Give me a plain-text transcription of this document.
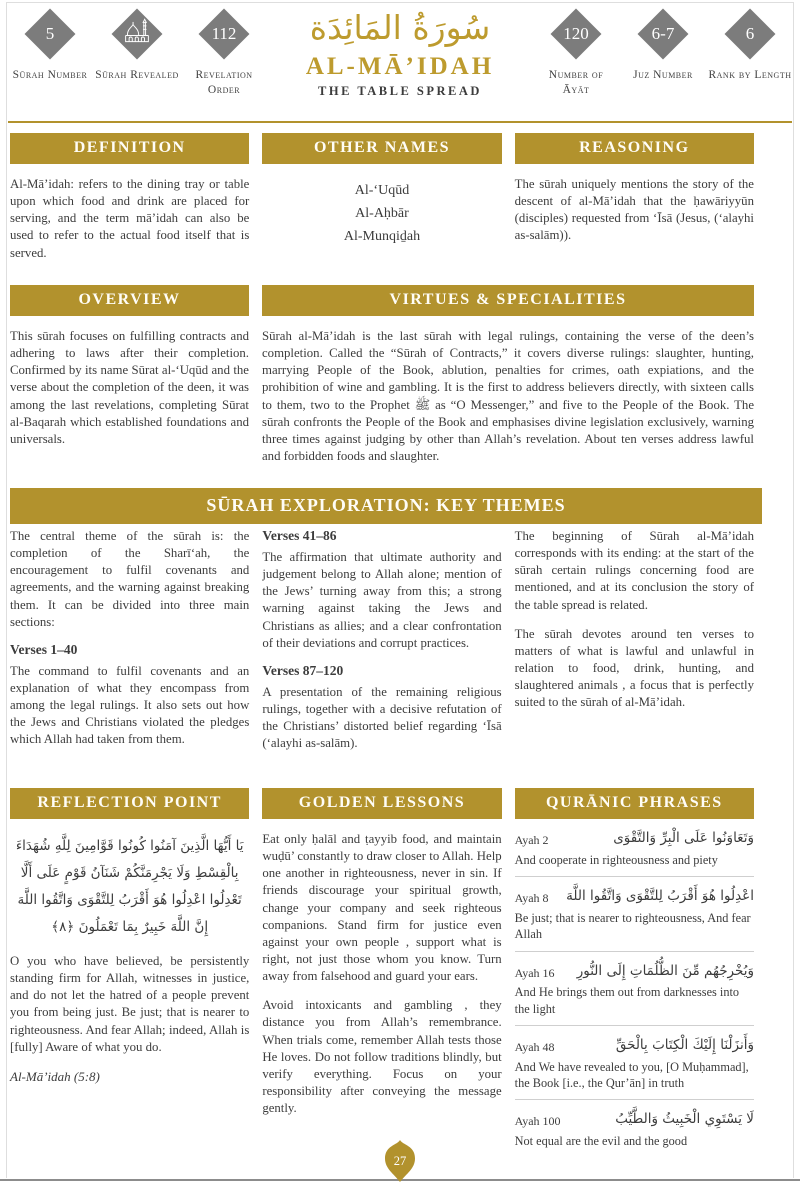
5
Sūrah Number Sūrah Revealed
112
Revelation Order
سُورَةُ المَائِدَة
AL-MĀ’IDAH
THE TABLE SPREAD
120
Number of Āyāt
6-7
Juz Number
6
Rank by Length
DEFINITION

Al-Mā’idah: refers to the dining tray or table upon which food and drink are placed for serving, and the term mā’idah can also be used to refer to the actual food itself that is served.

OTHER NAMES
Al-‘Uqūd
Al-Aḥbār
Al-Munqiḏah
REASONING

The sūrah uniquely mentions the story of the descent of al-Mā’idah that the ḥawāriyyūn (disciples) requested from ‘Īsā (Jesus, (‘alayhi as-salām)).

OVERVIEW

This sūrah focuses on fulfilling contracts and adhering to laws after their completion. Confirmed by its name Sūrat al-‘Uqūd and the verse about the completion of the deen, it was among the last revelations, completing Sūrat al-Baqarah which established foundations and universals.

VIRTUES & SPECIALITIES

Sūrah al-Mā’idah is the last sūrah with legal rulings, containing the verse of the deen’s completion. Called the “Sūrah of Contracts,” it covers diverse rulings: slaughter, hunting, marrying People of the Book, ablution, penalties for crimes, oath expiations, and the prohibition of wine and gambling. It is the first to address believers directly, with sixteen calls to them, two to the Prophet ﷺ as “O Messenger,” and five to the People of the Book. The sūrah confronts the People of the Book and emphasises divine legislation exclusively, warning three times against judging by other than Allah’s revelation. About ten verses address lawful and forbidden foods and slaughter.

SŪRAH EXPLORATION: KEY THEMES

The central theme of the sūrah is: the completion of the Sharī‘ah, the encouragement to fulfil covenants and agreements, and the warning against breaking them. It can be divided into three main sections:

Verses 1–40

The command to fulfil covenants and an explanation of what they encompass from among the legal rulings. It also sets out how the Jews and Christians violated the pledges which Allah had taken from them.

Verses 41–86

The affirmation that ultimate authority and judgement belong to Allah alone; mention of the Jews’ turning away from this; a strong warning against taking the Jews and Christians as allies; and a clear confrontation of their deviations and corrupt practices.

Verses 87–120

A presentation of the remaining religious rulings, together with a decisive refutation of the Christians’ distorted belief regarding ‘Īsā (‘alayhi as-salām).

The beginning of Sūrah al-Mā’idah corresponds with its ending: at the start of the sūrah certain rulings concerning food are mentioned, and at its conclusion the story of the table spread is related.

The sūrah devotes around ten verses to matters of what is lawful and unlawful in relation to food, drink, hunting, and slaughtered animals , a focus that is perfectly suited to the sūrah of al-Mā’idah.

REFLECTION POINT
يَا أَيُّهَا الَّذِينَ آمَنُوا كُونُوا قَوَّامِينَ لِلَّهِ شُهَدَاءَ بِالْقِسْطِ وَلَا يَجْرِمَنَّكُمْ شَنَآنُ قَوْمٍ عَلَى أَلَّا تَعْدِلُوا اعْدِلُوا هُوَ أَقْرَبُ لِلتَّقْوَى وَاتَّقُوا اللَّهَ إِنَّ اللَّهَ خَبِيرٌ بِمَا تَعْمَلُونَ ﴿٨﴾

O you who have believed, be persistently standing firm for Allah, witnesses in justice, and do not let the hatred of a people prevent you from being just. Be just; that is nearer to righteousness. And fear Allah; indeed, Allah is [fully] Aware of what you do.

Al-Mā’idah (5:8)
GOLDEN LESSONS

Eat only ḥalāl and ṭayyib food, and maintain wuḍū’ constantly to draw closer to Allah. Help one another in righteousness, never in sin. If friends discourage your spiritual growth, change your company and seek righteous companions. Stand firm for justice even against your own people , support what is right, not just those whom you know. Turn away from falsehood and guard your ears.

Avoid intoxicants and gambling , they distance you from Allah’s remembrance. When trials come, remember Allah tests those He loves. Do not follow traditions blindly, but verify everything. Focus on your responsibility after conveying the message gently.

QURĀNIC PHRASES
Ayah 2	وَتَعَاوَنُوا عَلَى الْبِرِّ وَالتَّقْوَى
And cooperate in righteousness and piety
Ayah 8 اعْدِلُوا هُوَ أَقْرَبُ لِلتَّقْوَى وَاتَّقُوا اللَّهَ
Be just; that is nearer to righteousness, And fear Allah
Ayah 16 وَيُخْرِجُهُم مِّنَ الظُّلُمَاتِ إِلَى النُّورِ
And He brings them out from darknesses into the light
Ayah 48	وَأَنزَلْنَا إِلَيْكَ الْكِتَابَ بِالْحَقِّ
And We have revealed to you, [O Muḥammad], the Book [i.e., the Qur’ān] in truth
Ayah 100	لَا يَسْتَوِي الْخَبِيثُ وَالطَّيِّبُ
Not equal are the evil and the good
27
